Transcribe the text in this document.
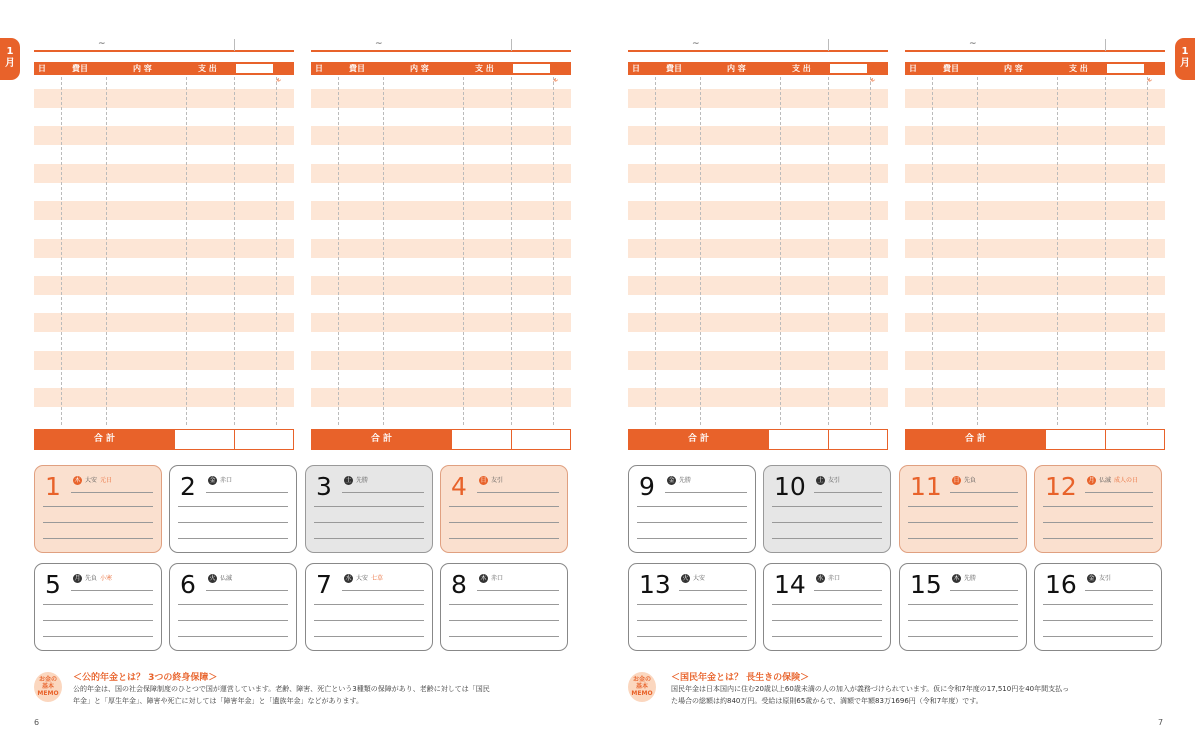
1
月
1
月
~
日	費目	内 容	支 出	残(ハ)ル
合 計
~
日	費目	内 容	支 出	残(ハ)ル
合 計
~
日	費目	内 容	支 出	残(ハ)ル
合 計
~
日	費目	内 容	支 出	残(ハ)ル
合 計
1 木 大安 元日	2 金 赤口	3 土 先勝	4 日 友引
5 月 先負 小寒	6 火 仏滅	7 水 大安 七草	8 木 赤口
9 金 先勝	10 土 友引	11 日 先負	12 月 仏滅 成人の日
13 火 大安	14 水 赤口	15 木 先勝	16 金 友引
お金の
基本
MEMO
＜公的年金とは？ 3つの終身保障＞
公的年金は、国の社会保障制度のひとつで国が運営しています。老齢、障害、死亡という3種類の保障があり、老齢に対しては「国民
年金」と「厚生年金」、障害や死亡に対しては「障害年金」と「遺族年金」などがあります。
お金の
基本
MEMO
＜国民年金とは？ 長生きの保険＞
国民年金は日本国内に住む20歳以上60歳未満の人の加入が義務づけられています。仮に令和7年度の17,510円を40年間支払っ
た場合の総額は約840万円。受給は原則65歳からで、満額で年額83万1696円（令和7年度）です。
6	7
